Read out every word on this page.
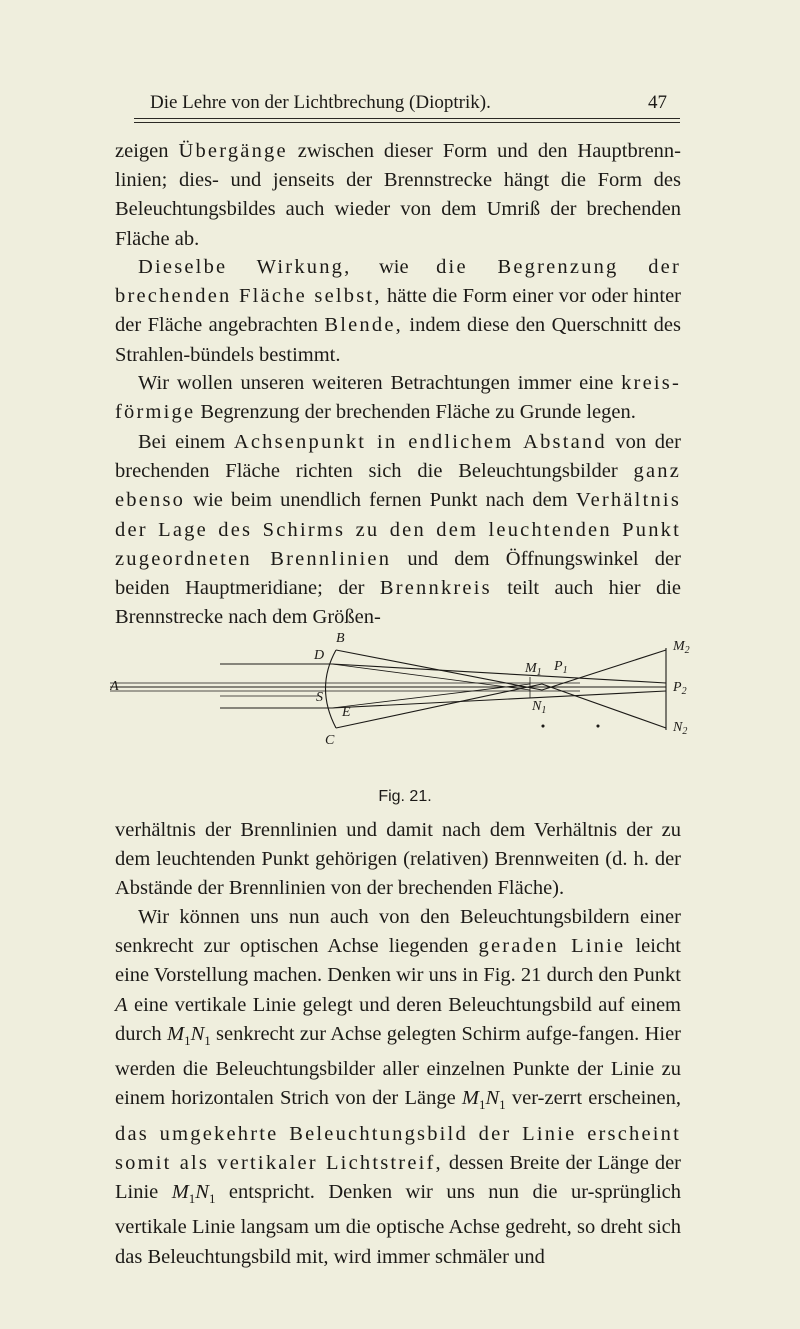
Die Lehre von der Lichtbrechung (Dioptrik).	47

zeigen Übergänge zwischen dieser Form und den Hauptbrenn-linien; dies- und jenseits der Brennstrecke hängt die Form des Beleuchtungsbildes auch wieder von dem Umriß der brechenden Fläche ab.

Dieselbe Wirkung, wie die Begrenzung der brechenden Fläche selbst, hätte die Form einer vor oder hinter der Fläche angebrachten Blende, indem diese den Querschnitt des Strahlen-bündels bestimmt.

Wir wollen unseren weiteren Betrachtungen immer eine kreis-förmige Begrenzung der brechenden Fläche zu Grunde legen.

Bei einem Achsenpunkt in endlichem Abstand von der brechenden Fläche richten sich die Beleuchtungsbilder ganz ebenso wie beim unendlich fernen Punkt nach dem Verhältnis der Lage des Schirms zu den dem leuchtenden Punkt zugeordneten Brennlinien und dem Öffnungswinkel der beiden Hauptmeridiane; der Brennkreis teilt auch hier die Brennstrecke nach dem Größen-

A
B
D
S
E
C
$M_1$ $P_1$
$N_1$
$M_2$
$P_2$
$N_2$
Fig. 21.

verhältnis der Brennlinien und damit nach dem Verhältnis der zu dem leuchtenden Punkt gehörigen (relativen) Brennweiten (d. h. der Abstände der Brennlinien von der brechenden Fläche).

Wir können uns nun auch von den Beleuchtungsbildern einer senkrecht zur optischen Achse liegenden geraden Linie leicht eine Vorstellung machen. Denken wir uns in Fig. 21 durch den Punkt A eine vertikale Linie gelegt und deren Beleuchtungsbild auf einem durch $M_1N_1$ senkrecht zur Achse gelegten Schirm aufge-fangen. Hier werden die Beleuchtungsbilder aller einzelnen Punkte der Linie zu einem horizontalen Strich von der Länge $M_1N_1$ ver-zerrt erscheinen, das umgekehrte Beleuchtungsbild der Linie erscheint somit als vertikaler Lichtstreif, dessen Breite der Länge der Linie $M_1N_1$ entspricht. Denken wir uns nun die ur-sprünglich vertikale Linie langsam um die optische Achse gedreht, so dreht sich das Beleuchtungsbild mit, wird immer schmäler und
